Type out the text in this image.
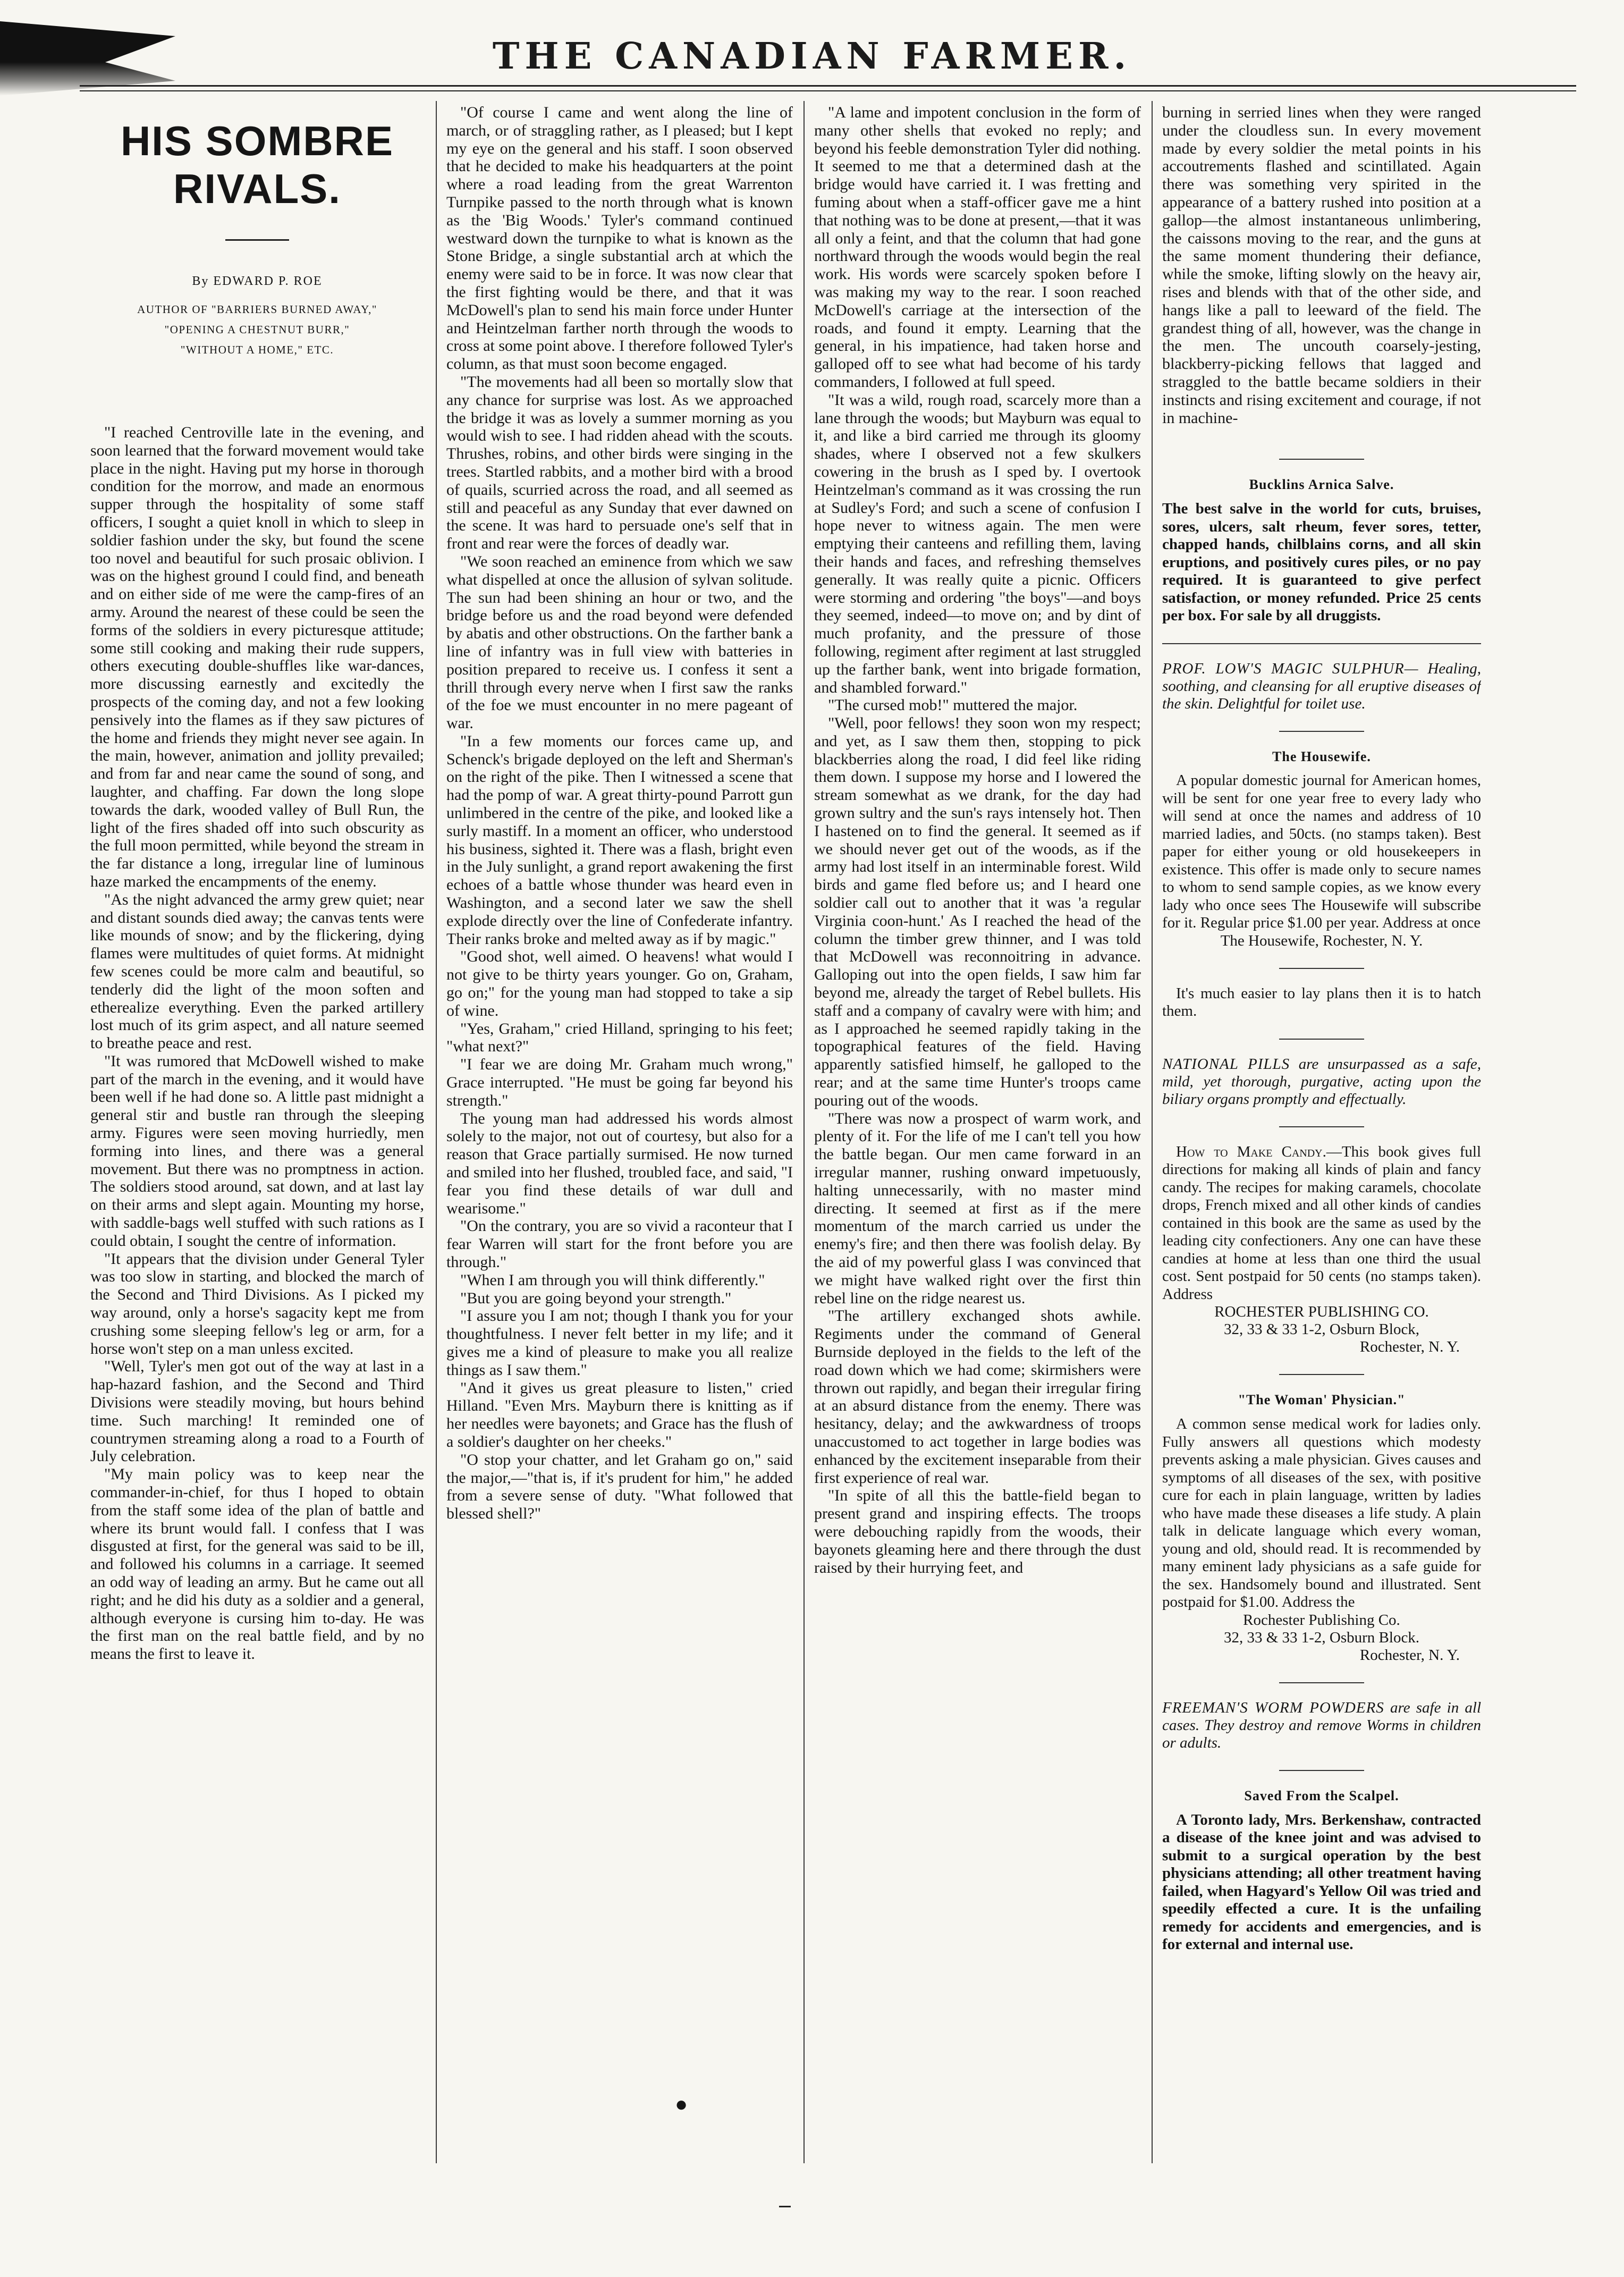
THE CANADIAN FARMER.
HIS SOMBRE RIVALS.
By EDWARD P. ROE
AUTHOR OF "BARRIERS BURNED AWAY,"
"OPENING A CHESTNUT BURR,"
"WITHOUT A HOME," ETC.

"I reached Centroville late in the evening, and soon learned that the forward movement would take place in the night. Having put my horse in thorough condition for the morrow, and made an enormous supper through the hospitality of some staff officers, I sought a quiet knoll in which to sleep in soldier fashion under the sky, but found the scene too novel and beautiful for such prosaic oblivion. I was on the highest ground I could find, and beneath and on either side of me were the camp-fires of an army. Around the nearest of these could be seen the forms of the soldiers in every picturesque attitude; some still cooking and making their rude suppers, others executing double-shuffles like war-dances, more discussing earnestly and excitedly the prospects of the coming day, and not a few looking pensively into the flames as if they saw pictures of the home and friends they might never see again. In the main, however, animation and jollity prevailed; and from far and near came the sound of song, and laughter, and chaffing. Far down the long slope towards the dark, wooded valley of Bull Run, the light of the fires shaded off into such obscurity as the full moon permitted, while beyond the stream in the far distance a long, irregular line of luminous haze marked the encampments of the enemy.

"As the night advanced the army grew quiet; near and distant sounds died away; the canvas tents were like mounds of snow; and by the flickering, dying flames were multitudes of quiet forms. At midnight few scenes could be more calm and beautiful, so tenderly did the light of the moon soften and etherealize everything. Even the parked artillery lost much of its grim aspect, and all nature seemed to breathe peace and rest.

"It was rumored that McDowell wished to make part of the march in the evening, and it would have been well if he had done so. A little past midnight a general stir and bustle ran through the sleeping army. Figures were seen moving hurriedly, men forming into lines, and there was a general movement. But there was no promptness in action. The soldiers stood around, sat down, and at last lay on their arms and slept again. Mounting my horse, with saddle-bags well stuffed with such rations as I could obtain, I sought the centre of information.

"It appears that the division under General Tyler was too slow in starting, and blocked the march of the Second and Third Divisions. As I picked my way around, only a horse's sagacity kept me from crushing some sleeping fellow's leg or arm, for a horse won't step on a man unless excited.

"Well, Tyler's men got out of the way at last in a hap-hazard fashion, and the Second and Third Divisions were steadily moving, but hours behind time. Such marching! It reminded one of countrymen streaming along a road to a Fourth of July celebration.

"My main policy was to keep near the commander-in-chief, for thus I hoped to obtain from the staff some idea of the plan of battle and where its brunt would fall. I confess that I was disgusted at first, for the general was said to be ill, and followed his columns in a carriage. It seemed an odd way of leading an army. But he came out all right; and he did his duty as a soldier and a general, although everyone is cursing him to-day. He was the first man on the real battle field, and by no means the first to leave it.

"Of course I came and went along the line of march, or of straggling rather, as I pleased; but I kept my eye on the general and his staff. I soon observed that he decided to make his headquarters at the point where a road leading from the great Warrenton Turnpike passed to the north through what is known as the 'Big Woods.' Tyler's command continued westward down the turnpike to what is known as the Stone Bridge, a single substantial arch at which the enemy were said to be in force. It was now clear that the first fighting would be there, and that it was McDowell's plan to send his main force under Hunter and Heintzelman farther north through the woods to cross at some point above. I therefore followed Tyler's column, as that must soon become engaged.

"The movements had all been so mortally slow that any chance for surprise was lost. As we approached the bridge it was as lovely a summer morning as you would wish to see. I had ridden ahead with the scouts. Thrushes, robins, and other birds were singing in the trees. Startled rabbits, and a mother bird with a brood of quails, scurried across the road, and all seemed as still and peaceful as any Sunday that ever dawned on the scene. It was hard to persuade one's self that in front and rear were the forces of deadly war.

"We soon reached an eminence from which we saw what dispelled at once the allusion of sylvan solitude. The sun had been shining an hour or two, and the bridge before us and the road beyond were defended by abatis and other obstructions. On the farther bank a line of infantry was in full view with batteries in position prepared to receive us. I confess it sent a thrill through every nerve when I first saw the ranks of the foe we must encounter in no mere pageant of war.

"In a few moments our forces came up, and Schenck's brigade deployed on the left and Sherman's on the right of the pike. Then I witnessed a scene that had the pomp of war. A great thirty-pound Parrott gun unlimbered in the centre of the pike, and looked like a surly mastiff. In a moment an officer, who understood his business, sighted it. There was a flash, bright even in the July sunlight, a grand report awakening the first echoes of a battle whose thunder was heard even in Washington, and a second later we saw the shell explode directly over the line of Confederate infantry. Their ranks broke and melted away as if by magic."

"Good shot, well aimed. O heavens! what would I not give to be thirty years younger. Go on, Graham, go on;" for the young man had stopped to take a sip of wine.

"Yes, Graham," cried Hilland, springing to his feet; "what next?"

"I fear we are doing Mr. Graham much wrong," Grace interrupted. "He must be going far beyond his strength."

The young man had addressed his words almost solely to the major, not out of courtesy, but also for a reason that Grace partially surmised. He now turned and smiled into her flushed, troubled face, and said, "I fear you find these details of war dull and wearisome."

"On the contrary, you are so vivid a raconteur that I fear Warren will start for the front before you are through."

"When I am through you will think differently."

"But you are going beyond your strength."

"I assure you I am not; though I thank you for your thoughtfulness. I never felt better in my life; and it gives me a kind of pleasure to make you all realize things as I saw them."

"And it gives us great pleasure to listen," cried Hilland. "Even Mrs. Mayburn there is knitting as if her needles were bayonets; and Grace has the flush of a soldier's daughter on her cheeks."

"O stop your chatter, and let Graham go on," said the major,—"that is, if it's prudent for him," he added from a severe sense of duty. "What followed that blessed shell?"

"A lame and impotent conclusion in the form of many other shells that evoked no reply; and beyond his feeble demonstration Tyler did nothing. It seemed to me that a determined dash at the bridge would have carried it. I was fretting and fuming about when a staff-officer gave me a hint that nothing was to be done at present,—that it was all only a feint, and that the column that had gone northward through the woods would begin the real work. His words were scarcely spoken before I was making my way to the rear. I soon reached McDowell's carriage at the intersection of the roads, and found it empty. Learning that the general, in his impatience, had taken horse and galloped off to see what had become of his tardy commanders, I followed at full speed.

"It was a wild, rough road, scarcely more than a lane through the woods; but Mayburn was equal to it, and like a bird carried me through its gloomy shades, where I observed not a few skulkers cowering in the brush as I sped by. I overtook Heintzelman's command as it was crossing the run at Sudley's Ford; and such a scene of confusion I hope never to witness again. The men were emptying their canteens and refilling them, laving their hands and faces, and refreshing themselves generally. It was really quite a picnic. Officers were storming and ordering "the boys"—and boys they seemed, indeed—to move on; and by dint of much profanity, and the pressure of those following, regiment after regiment at last struggled up the farther bank, went into brigade formation, and shambled forward."

"The cursed mob!" muttered the major.

"Well, poor fellows! they soon won my respect; and yet, as I saw them then, stopping to pick blackberries along the road, I did feel like riding them down. I suppose my horse and I lowered the stream somewhat as we drank, for the day had grown sultry and the sun's rays intensely hot. Then I hastened on to find the general. It seemed as if we should never get out of the woods, as if the army had lost itself in an interminable forest. Wild birds and game fled before us; and I heard one soldier call out to another that it was 'a regular Virginia coon-hunt.' As I reached the head of the column the timber grew thinner, and I was told that McDowell was reconnoitring in advance. Galloping out into the open fields, I saw him far beyond me, already the target of Rebel bullets. His staff and a company of cavalry were with him; and as I approached he seemed rapidly taking in the topographical features of the field. Having apparently satisfied himself, he galloped to the rear; and at the same time Hunter's troops came pouring out of the woods.

"There was now a prospect of warm work, and plenty of it. For the life of me I can't tell you how the battle began. Our men came forward in an irregular manner, rushing onward impetuously, halting unnecessarily, with no master mind directing. It seemed at first as if the mere momentum of the march carried us under the enemy's fire; and then there was foolish delay. By the aid of my powerful glass I was convinced that we might have walked right over the first thin rebel line on the ridge nearest us.

"The artillery exchanged shots awhile. Regiments under the command of General Burnside deployed in the fields to the left of the road down which we had come; skirmishers were thrown out rapidly, and began their irregular firing at an absurd distance from the enemy. There was hesitancy, delay; and the awkwardness of troops unaccustomed to act together in large bodies was enhanced by the excitement inseparable from their first experience of real war.

"In spite of all this the battle-field began to present grand and inspiring effects. The troops were debouching rapidly from the woods, their bayonets gleaming here and there through the dust raised by their hurrying feet, and

burning in serried lines when they were ranged under the cloudless sun. In every movement made by every soldier the metal points in his accoutrements flashed and scintillated. Again there was something very spirited in the appearance of a battery rushed into position at a gallop—the almost instantaneous unlimbering, the caissons moving to the rear, and the guns at the same moment thundering their defiance, while the smoke, lifting slowly on the heavy air, rises and blends with that of the other side, and hangs like a pall to leeward of the field. The grandest thing of all, however, was the change in the men. The uncouth coarsely-jesting, blackberry-picking fellows that lagged and straggled to the battle became soldiers in their instincts and rising excitement and courage, if not in machine-

Bucklins Arnica Salve.
The best salve in the world for cuts, bruises, sores, ulcers, salt rheum, fever sores, tetter, chapped hands, chilblains corns, and all skin eruptions, and positively cures piles, or no pay required. It is guaranteed to give perfect satisfaction, or money refunded. Price 25 cents per box. For sale by all druggists.
PROF. LOW'S MAGIC SULPHUR— Healing, soothing, and cleansing for all eruptive diseases of the skin. Delightful for toilet use.
The Housewife.
A popular domestic journal for American homes, will be sent for one year free to every lady who will send at once the names and address of 10 married ladies, and 50cts. (no stamps taken). Best paper for either young or old housekeepers in existence. This offer is made only to secure names to whom to send sample copies, as we know every lady who once sees The Housewife will subscribe for it. Regular price $1.00 per year. Address at once
The Housewife, Rochester, N. Y.
It's much easier to lay plans then it is to hatch them.
NATIONAL PILLS are unsurpassed as a safe, mild, yet thorough, purgative, acting upon the biliary organs promptly and effectually.
How to Make Candy.—This book gives full directions for making all kinds of plain and fancy candy. The recipes for making caramels, chocolate drops, French mixed and all other kinds of candies contained in this book are the same as used by the leading city confectioners. Any one can have these candies at home at less than one third the usual cost. Sent postpaid for 50 cents (no stamps taken). Address
ROCHESTER PUBLISHING CO.
32, 33 & 33 1-2, Osburn Block,
Rochester, N. Y.
"The Woman' Physician."
A common sense medical work for ladies only. Fully answers all questions which modesty prevents asking a male physician. Gives causes and symptoms of all diseases of the sex, with positive cure for each in plain language, written by ladies who have made these diseases a life study. A plain talk in delicate language which every woman, young and old, should read. It is recommended by many eminent lady physicians as a safe guide for the sex. Handsomely bound and illustrated. Sent postpaid for $1.00. Address the
Rochester Publishing Co.
32, 33 & 33 1-2, Osburn Block.
Rochester, N. Y.
FREEMAN'S WORM POWDERS are safe in all cases. They destroy and remove Worms in children or adults.
Saved From the Scalpel.
A Toronto lady, Mrs. Berkenshaw, contracted a disease of the knee joint and was advised to submit to a surgical operation by the best physicians attending; all other treatment having failed, when Hagyard's Yellow Oil was tried and speedily effected a cure. It is the unfailing remedy for accidents and emergencies, and is for external and internal use.
●
